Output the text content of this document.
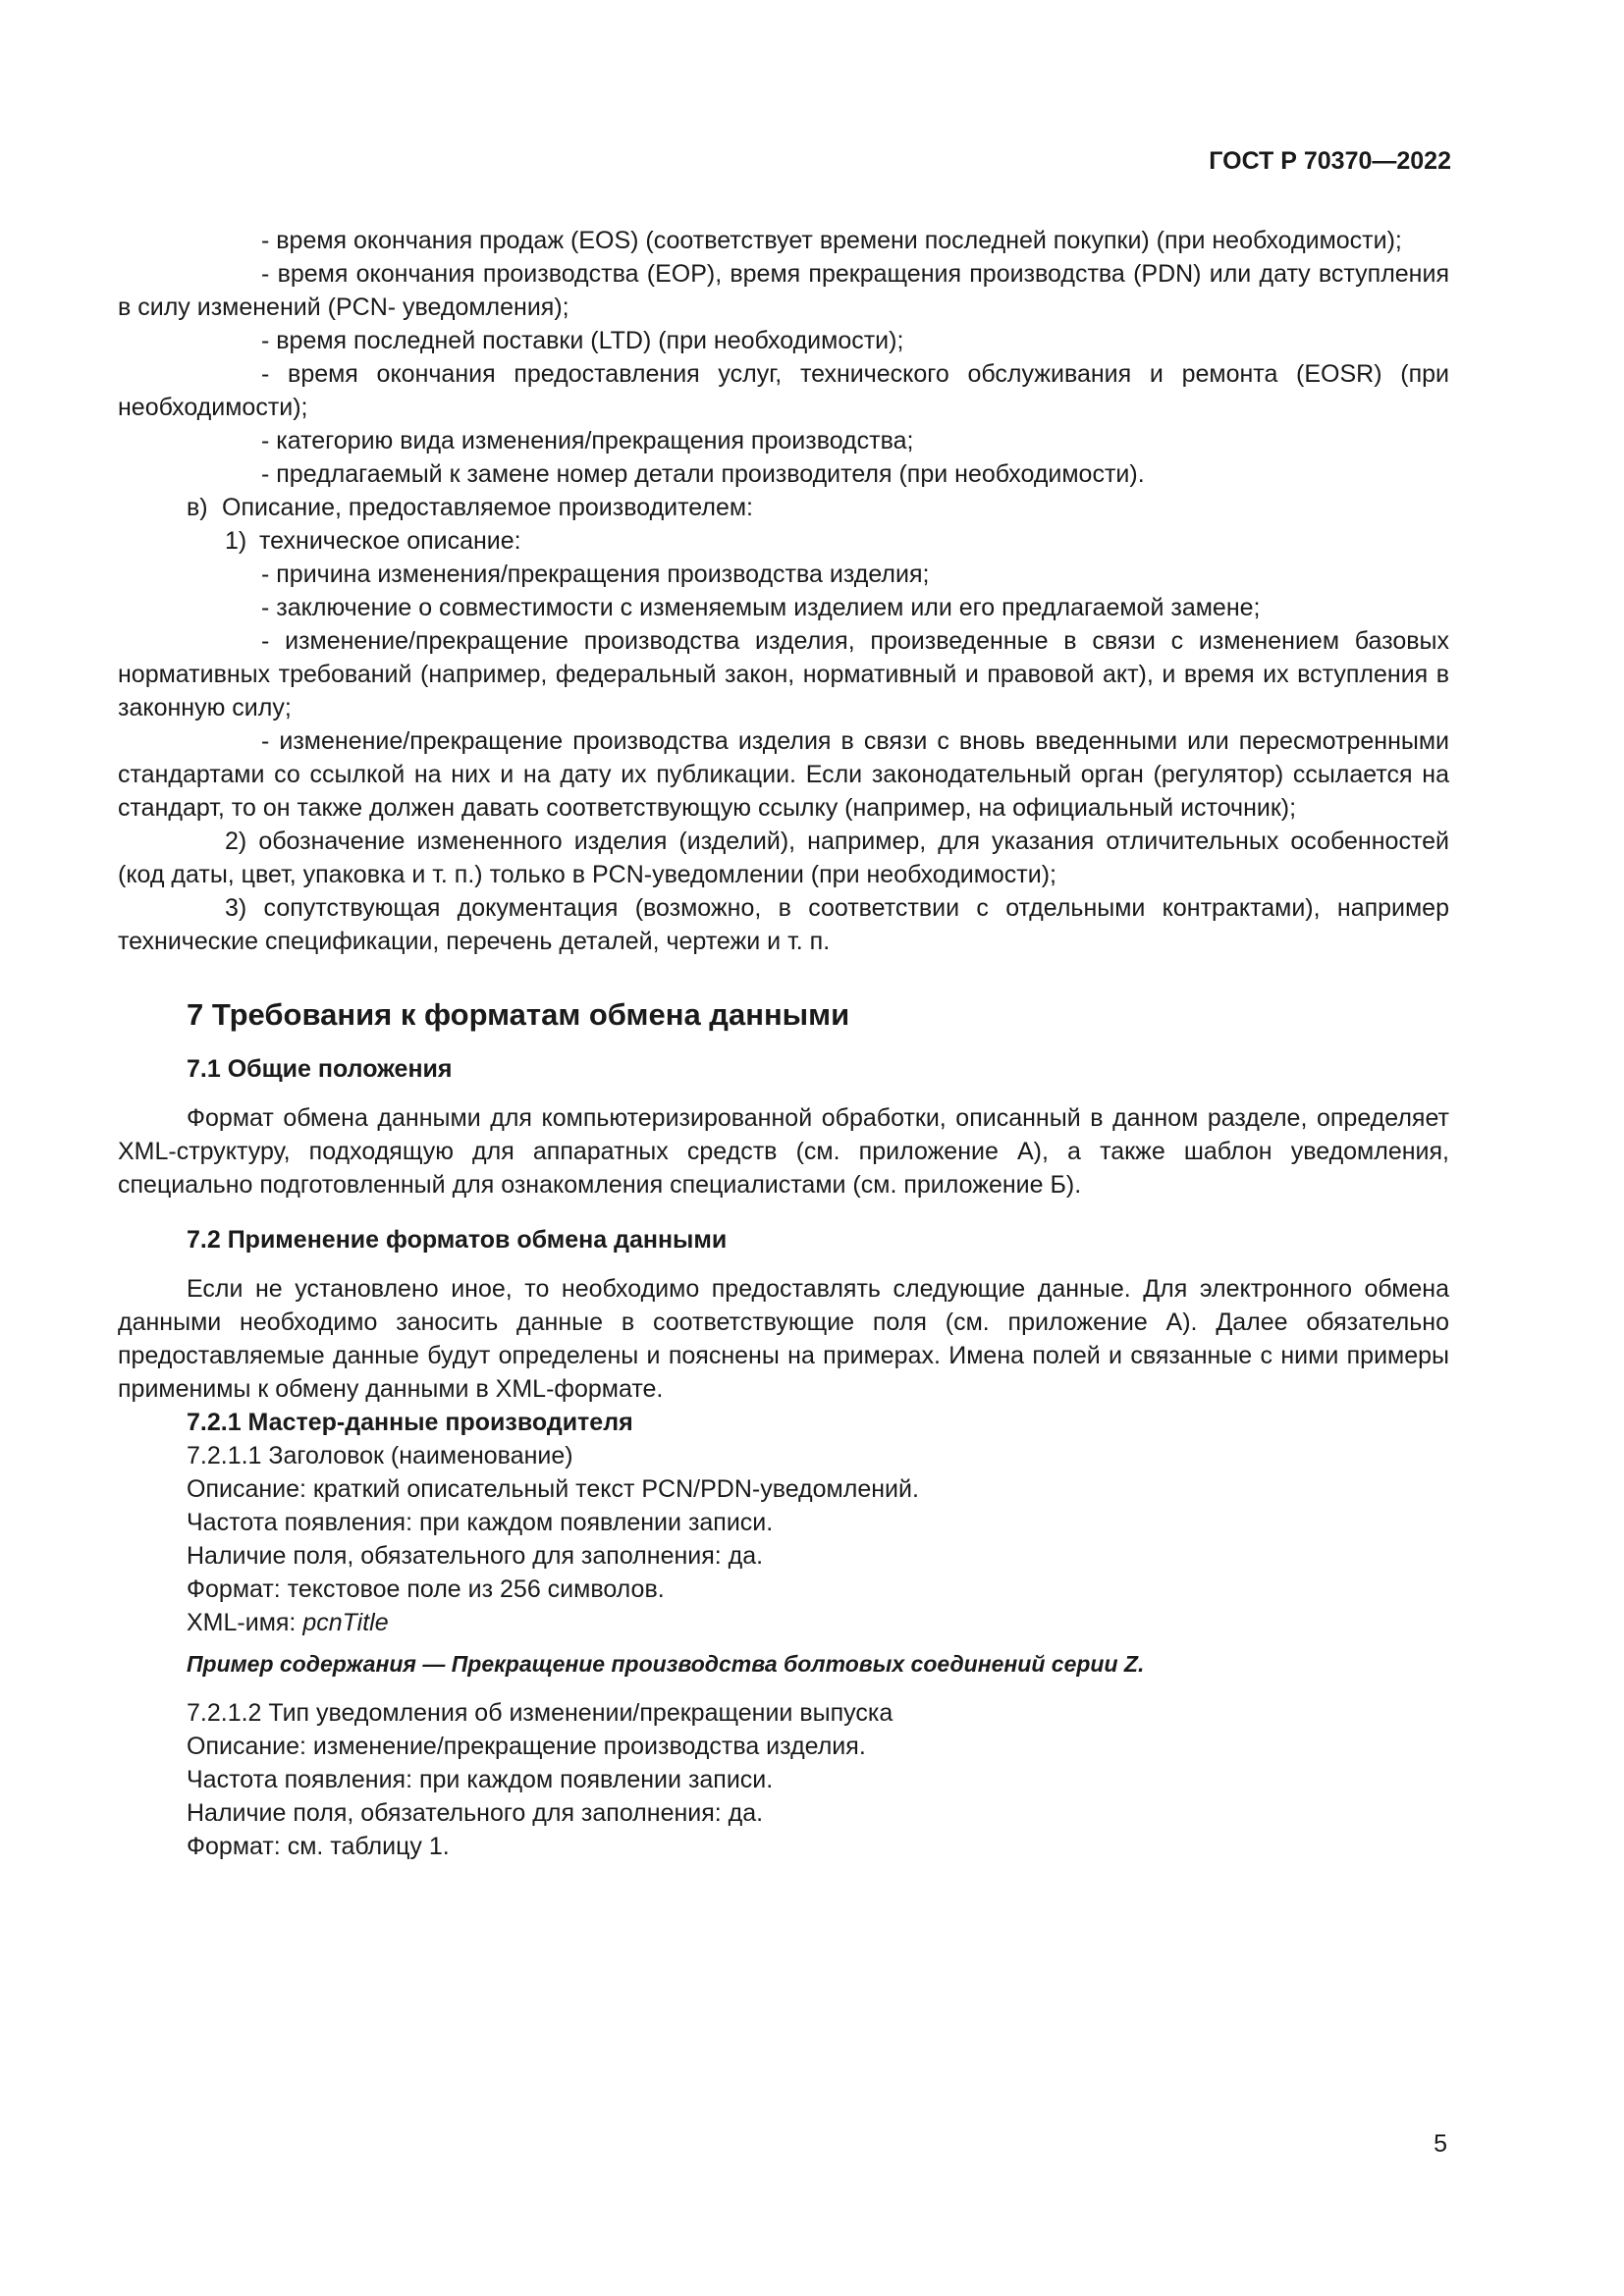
ГОСТ Р 70370—2022

- время окончания продаж (EOS) (соответствует времени последней покупки) (при необходимости);

- время окончания производства (EOP), время прекращения производства (PDN) или дату вступления в силу изменений (PCN- уведомления);

- время последней поставки (LTD) (при необходимости);

- время окончания предоставления услуг, технического обслуживания и ремонта (EOSR) (при необходимости);

- категорию вида изменения/прекращения производства;

- предлагаемый к замене номер детали производителя (при необходимости).

в) Описание, предоставляемое производителем:

1) техническое описание:

- причина изменения/прекращения производства изделия;

- заключение о совместимости с изменяемым изделием или его предлагаемой замене;

- изменение/прекращение производства изделия, произведенные в связи с изменением базовых нормативных требований (например, федеральный закон, нормативный и правовой акт), и время их вступления в законную силу;

- изменение/прекращение производства изделия в связи с вновь введенными или пересмотренными стандартами со ссылкой на них и на дату их публикации. Если законодательный орган (регулятор) ссылается на стандарт, то он также должен давать соответствующую ссылку (например, на официальный источник);

2) обозначение измененного изделия (изделий), например, для указания отличительных особенностей (код даты, цвет, упаковка и т. п.) только в PCN-уведомлении (при необходимости);

3) сопутствующая документация (возможно, в соответствии с отдельными контрактами), например технические спецификации, перечень деталей, чертежи и т. п.

7 Требования к форматам обмена данными

7.1 Общие положения

Формат обмена данными для компьютеризированной обработки, описанный в данном разделе, определяет XML-структуру, подходящую для аппаратных средств (см. приложение А), а также шаблон уведомления, специально подготовленный для ознакомления специалистами (см. приложение Б).

7.2 Применение форматов обмена данными

Если не установлено иное, то необходимо предоставлять следующие данные. Для электронного обмена данными необходимо заносить данные в соответствующие поля (см. приложение А). Далее обязательно предоставляемые данные будут определены и пояснены на примерах. Имена полей и связанные с ними примеры применимы к обмену данными в XML-формате.

7.2.1 Мастер-данные производителя

7.2.1.1 Заголовок (наименование)

Описание: краткий описательный текст PCN/PDN-уведомлений.

Частота появления: при каждом появлении записи.

Наличие поля, обязательного для заполнения: да.

Формат: текстовое поле из 256 символов.

XML-имя: pcnTitle

Пример содержания — Прекращение производства болтовых соединений серии Z.

7.2.1.2 Тип уведомления об изменении/прекращении выпуска

Описание: изменение/прекращение производства изделия.

Частота появления: при каждом появлении записи.

Наличие поля, обязательного для заполнения: да.

Формат: см. таблицу 1.

5
